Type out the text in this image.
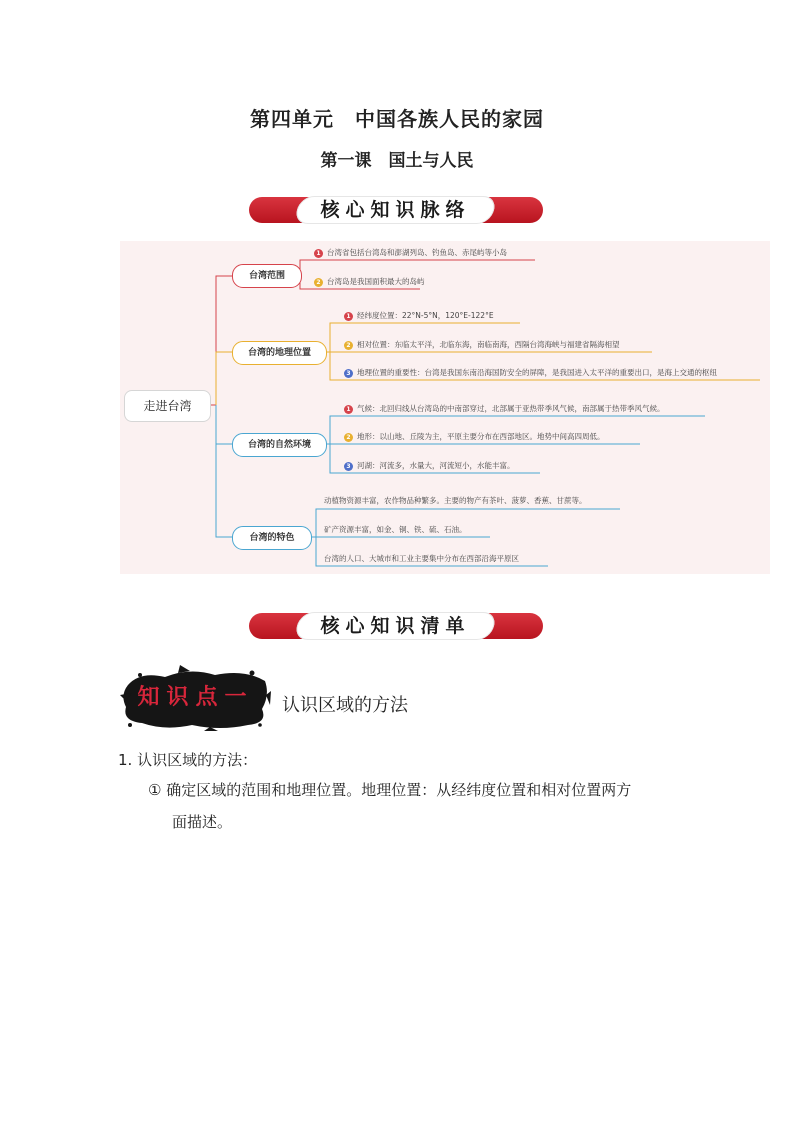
第四单元　中国各族人民的家园
第一课　国土与人民
核心知识脉络
走进台湾
台湾范围
台湾的地理位置
台湾的自然环境
台湾的特色
1 台湾省包括台湾岛和澎湖列岛、钓鱼岛、赤尾屿等小岛
2 台湾岛是我国面积最大的岛屿
1 经纬度位置：22°N-5°N，120°E-122°E
2 相对位置：东临太平洋，北临东海，南临南海，西隔台湾海峡与福建省隔海相望
3 地理位置的重要性：台湾是我国东南沿海国防安全的屏障，是我国进入太平洋的重要出口，是海上交通的枢纽
1 气候：北回归线从台湾岛的中南部穿过，北部属于亚热带季风气候，南部属于热带季风气候。
2 地形：以山地、丘陵为主，平原主要分布在西部地区。地势中间高四周低。
3 河湖：河流多，水量大，河流短小，水能丰富。
动植物资源丰富，农作物品种繁多。主要的物产有茶叶、菠萝、香蕉、甘蔗等。
矿产资源丰富，如金、铜、铁、硫、石油。
台湾的人口、大城市和工业主要集中分布在西部沿海平原区
核心知识清单
知识点一	认识区域的方法
1. 认识区域的方法：
① 确定区域的范围和地理位置。地理位置：从经纬度位置和相对位置两方
面描述。
